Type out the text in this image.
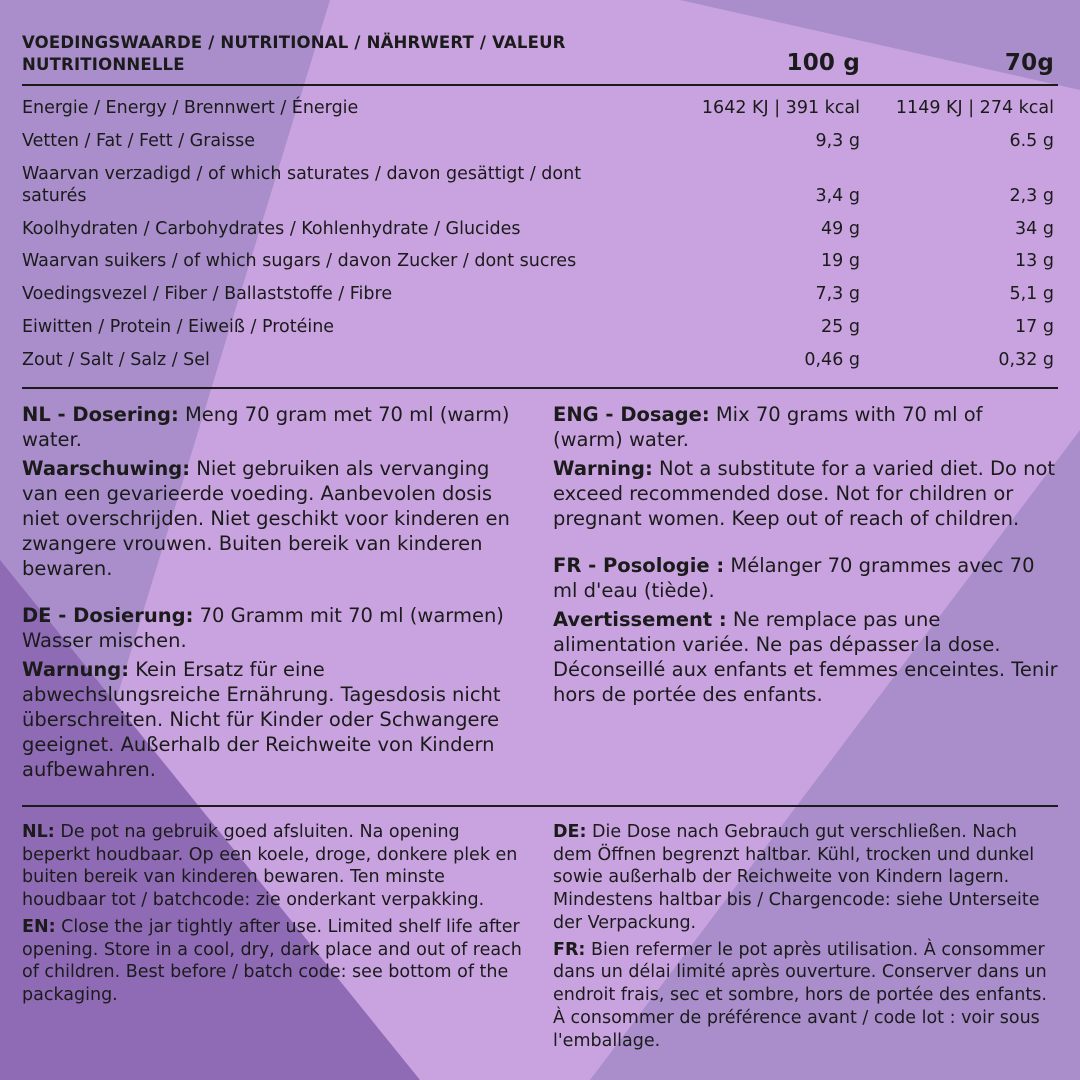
VOEDINGSWAARDE / NUTRITIONAL / NÄHRWERT / VALEUR NUTRITIONNELLE	100 g	70g
Energie / Energy / Brennwert / Énergie	1642 KJ | 391 kcal	1149 KJ | 274 kcal
Vetten / Fat / Fett / Graisse	9,3 g	6.5 g
Waarvan verzadigd / of which saturates / davon gesättigt / dont saturés	3,4 g	2,3 g
Koolhydraten / Carbohydrates / Kohlenhydrate / Glucides	49 g	34 g
Waarvan suikers / of which sugars / davon Zucker / dont sucres	19 g	13 g
Voedingsvezel / Fiber / Ballaststoffe / Fibre	7,3 g	5,1 g
Eiwitten / Protein / Eiweiß / Protéine	25 g	17 g
Zout / Salt / Salz / Sel	0,46 g	0,32 g

NL - Dosering: Meng 70 gram met 70 ml (warm) water.

Waarschuwing: Niet gebruiken als vervanging van een gevarieerde voeding. Aanbevolen dosis niet overschrijden. Niet geschikt voor kinderen en zwangere vrouwen. Buiten bereik van kinderen bewaren.

DE - Dosierung: 70 Gramm mit 70 ml (warmen) Wasser mischen.

Warnung: Kein Ersatz für eine abwechslungsreiche Ernährung. Tagesdosis nicht überschreiten. Nicht für Kinder oder Schwangere geeignet. Außerhalb der Reichweite von Kindern aufbewahren.

ENG - Dosage: Mix 70 grams with 70 ml of (warm) water.

Warning: Not a substitute for a varied diet. Do not exceed recommended dose. Not for children or pregnant women. Keep out of reach of children.

FR - Posologie : Mélanger 70 grammes avec 70 ml d'eau (tiède).

Avertissement : Ne remplace pas une alimentation variée. Ne pas dépasser la dose. Déconseillé aux enfants et femmes enceintes. Tenir hors de portée des enfants.

NL: De pot na gebruik goed afsluiten. Na opening beperkt houdbaar. Op een koele, droge, donkere plek en buiten bereik van kinderen bewaren. Ten minste houdbaar tot / batchcode: zie onderkant verpakking.

EN: Close the jar tightly after use. Limited shelf life after opening. Store in a cool, dry, dark place and out of reach of children. Best before / batch code: see bottom of the packaging.

DE: Die Dose nach Gebrauch gut verschließen. Nach dem Öffnen begrenzt haltbar. Kühl, trocken und dunkel sowie außerhalb der Reichweite von Kindern lagern. Mindestens haltbar bis / Chargencode: siehe Unterseite der Verpackung.

FR: Bien refermer le pot après utilisation. À consommer dans un délai limité après ouverture. Conserver dans un endroit frais, sec et sombre, hors de portée des enfants. À consommer de préférence avant / code lot : voir sous l'emballage.
